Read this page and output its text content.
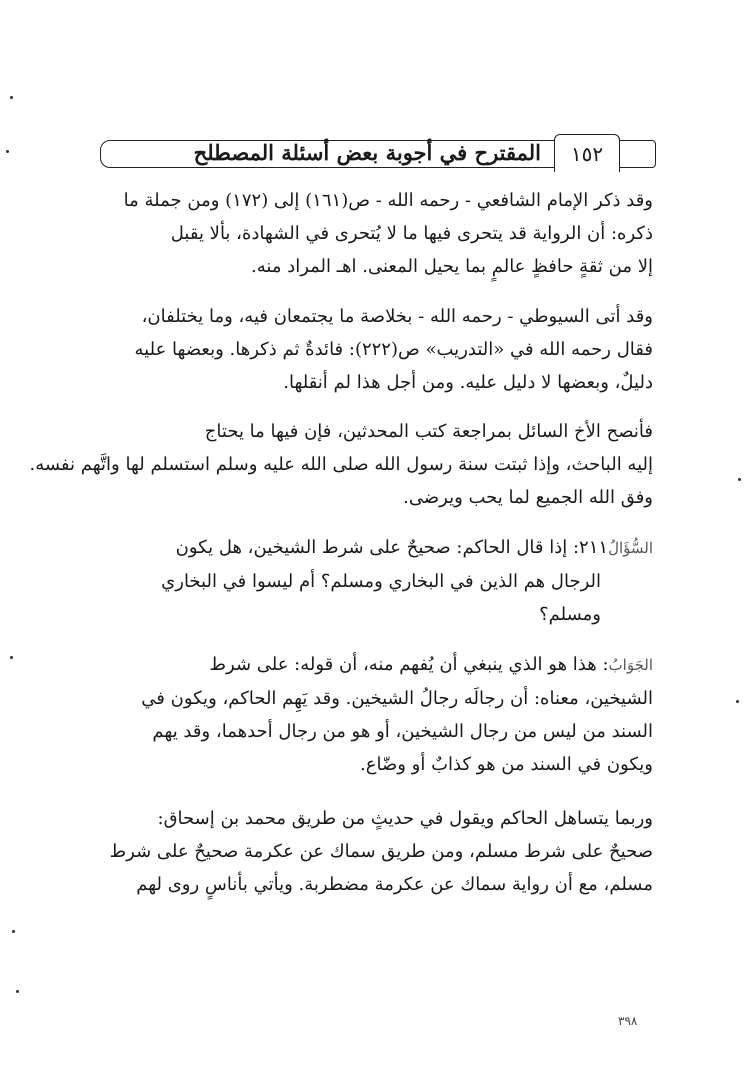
المقترح في أجوبة بعض أسئلة المصطلح	١٥٢

وقد ذكر الإمام الشافعي - رحمه الله - ص(١٦١) إلى (١٧٢) ومن جملة ما
ذكره: أن الرواية قد يتحرى فيها ما لا يُتحرى في الشهادة، بألا يقبل
إلا من ثقةٍ حافظٍ عالمٍ بما يحيل المعنى. اهـ المراد منه.

وقد أتى السيوطي - رحمه الله - بخلاصة ما يجتمعان فيه، وما يختلفان،
فقال رحمه الله في «التدريب» ص(٢٢٢): فائدةٌ ثم ذكرها. وبعضها عليه
دليلٌ، وبعضها لا دليل عليه. ومن أجل هذا لم أنقلها.

فأنصح الأخ السائل بمراجعة كتب المحدثين، فإن فيها ما يحتاج
إليه الباحث، وإذا ثبتت سنة رسول الله صلى الله عليه وسلم استسلم لها واتَّهم نفسه.
وفق الله الجميع لما يحب ويرضى.

السُّؤَالُ٢١١: إذا قال الحاكم: صحيحٌ على شرط الشيخين، هل يكون
الرجال هم الذين في البخاري ومسلم؟ أم ليسوا في البخاري
ومسلم؟

الجَوَابُ: هذا هو الذي ينبغي أن يُفهم منه، أن قوله: على شرط
الشيخين، معناه: أن رجالَه رجالُ الشيخين. وقد يَهِم الحاكم، ويكون في
السند من ليس من رجال الشيخين، أو هو من رجال أحدهما، وقد يهم
ويكون في السند من هو كذابٌ أو وضّاع.

وربما يتساهل الحاكم ويقول في حديثٍ من طريق محمد بن إسحاق:
صحيحٌ على شرط مسلم، ومن طريق سماك عن عكرمة صحيحٌ على شرط
مسلم، مع أن رواية سماك عن عكرمة مضطربة. ويأتي بأناسٍ روى لهم

٣٩٨
